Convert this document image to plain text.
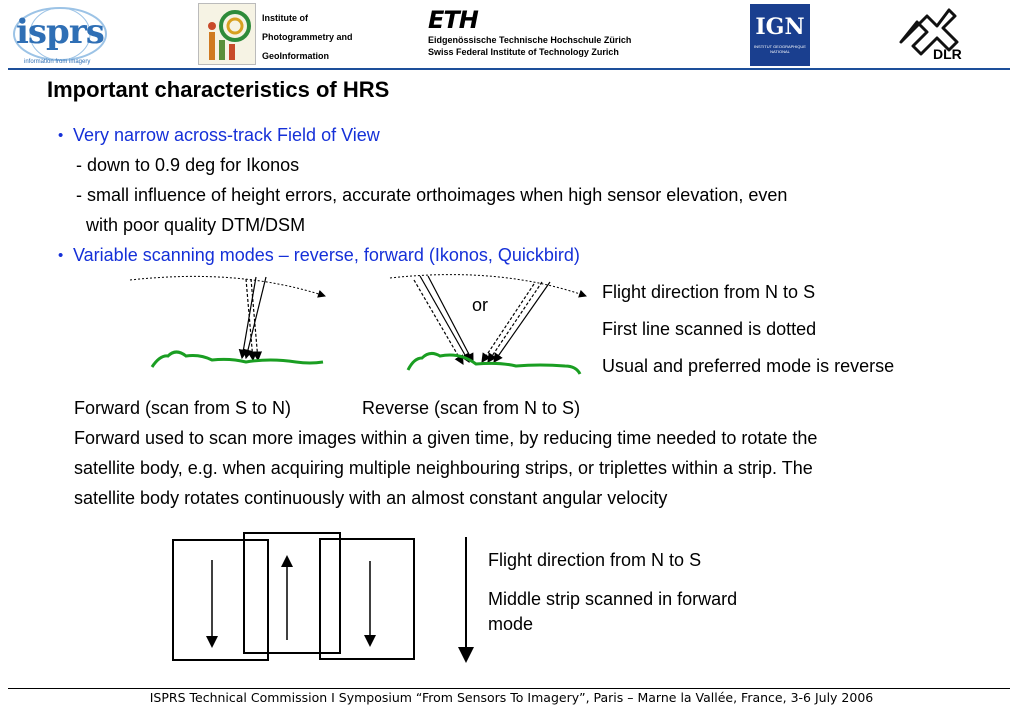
isprs
information from imagery
Institute of
Photogrammetry and
GeoInformation
ETH
Eidgenössische Technische Hochschule Zürich
Swiss Federal Institute of Technology Zurich
IGN
INSTITUT GEOGRAPHIQUE NATIONAL	DLR
Important characteristics of HRS
• Very narrow across-track Field of View
- down to 0.9 deg for Ikonos
- small influence of height errors, accurate orthoimages when high sensor elevation, even
with poor quality DTM/DSM
• Variable scanning modes – reverse, forward (Ikonos, Quickbird)
or
Flight direction from N to S
First line scanned is dotted
Usual and preferred mode is reverse
Forward (scan from S to N)	Reverse (scan from N to S)
Forward used to scan more images within a given time, by reducing time needed to rotate the
satellite body, e.g. when acquiring multiple neighbouring strips, or triplettes within a strip. The
satellite body rotates continuously with an almost constant angular velocity
Flight direction from N to S
Middle strip scanned in forward
mode
ISPRS Technical Commission I Symposium “From Sensors To Imagery”, Paris – Marne la Vallée, France, 3-6 July 2006
